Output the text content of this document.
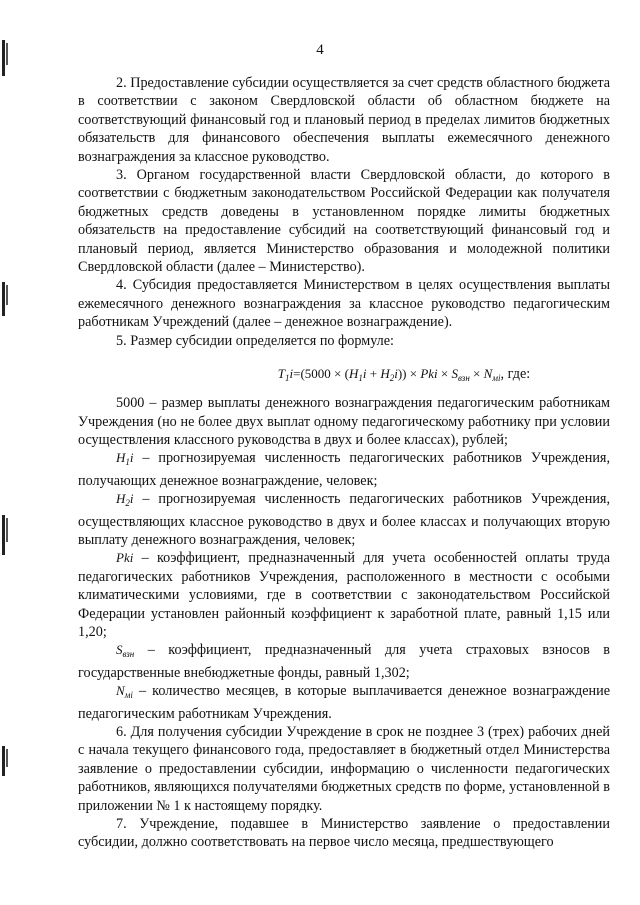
4

2. Предоставление субсидии осуществляется за счет средств областного бюджета в соответствии с законом Свердловской области об областном бюджете на соответствующий финансовый год и плановый период в пределах лимитов бюджетных обязательств для финансового обеспечения выплаты ежемесячного денежного вознаграждения за классное руководство.

3. Органом государственной власти Свердловской области, до которого в соответствии с бюджетным законодательством Российской Федерации как получателя бюджетных средств доведены в установленном порядке лимиты бюджетных обязательств на предоставление субсидий на соответствующий финансовый год и плановый период, является Министерство образования и молодежной политики Свердловской области (далее – Министерство).

4. Субсидия предоставляется Министерством в целях осуществления выплаты ежемесячного денежного вознаграждения за классное руководство педагогическим работникам Учреждений (далее – денежное вознаграждение).

5. Размер субсидии определяется по формуле:

$T_1i=(5000 \times (H_1i + H_2i))$ × Pki × $S_{взн} \times N_{мi}$, где:

5000 – размер выплаты денежного вознаграждения педагогическим работникам Учреждения (но не более двух выплат одному педагогическому работнику при условии осуществления классного руководства в двух и более классах), рублей;

$H_1i$ – прогнозируемая численность педагогических работников Учреждения, получающих денежное вознаграждение, человек;

$H_2i$ – прогнозируемая численность педагогических работников Учреждения, осуществляющих классное руководство в двух и более классах и получающих вторую выплату денежного вознаграждения, человек;

Pki – коэффициент, предназначенный для учета особенностей оплаты труда педагогических работников Учреждения, расположенного в местности с особыми климатическими условиями, где в соответствии с законодательством Российской Федерации установлен районный коэффициент к заработной плате, равный 1,15 или 1,20;

$S_{взн}$ – коэффициент, предназначенный для учета страховых взносов в государственные внебюджетные фонды, равный 1,302;

$N_{мi}$ – количество месяцев, в которые выплачивается денежное вознаграждение педагогическим работникам Учреждения.

6. Для получения субсидии Учреждение в срок не позднее 3 (трех) рабочих дней с начала текущего финансового года, предоставляет в бюджетный отдел Министерства заявление о предоставлении субсидии, информацию о численности педагогических работников, являющихся получателями бюджетных средств по форме, установленной в приложении № 1 к настоящему порядку.

7. Учреждение, подавшее в Министерство заявление о предоставлении субсидии, должно соответствовать на первое число месяца, предшествующего
